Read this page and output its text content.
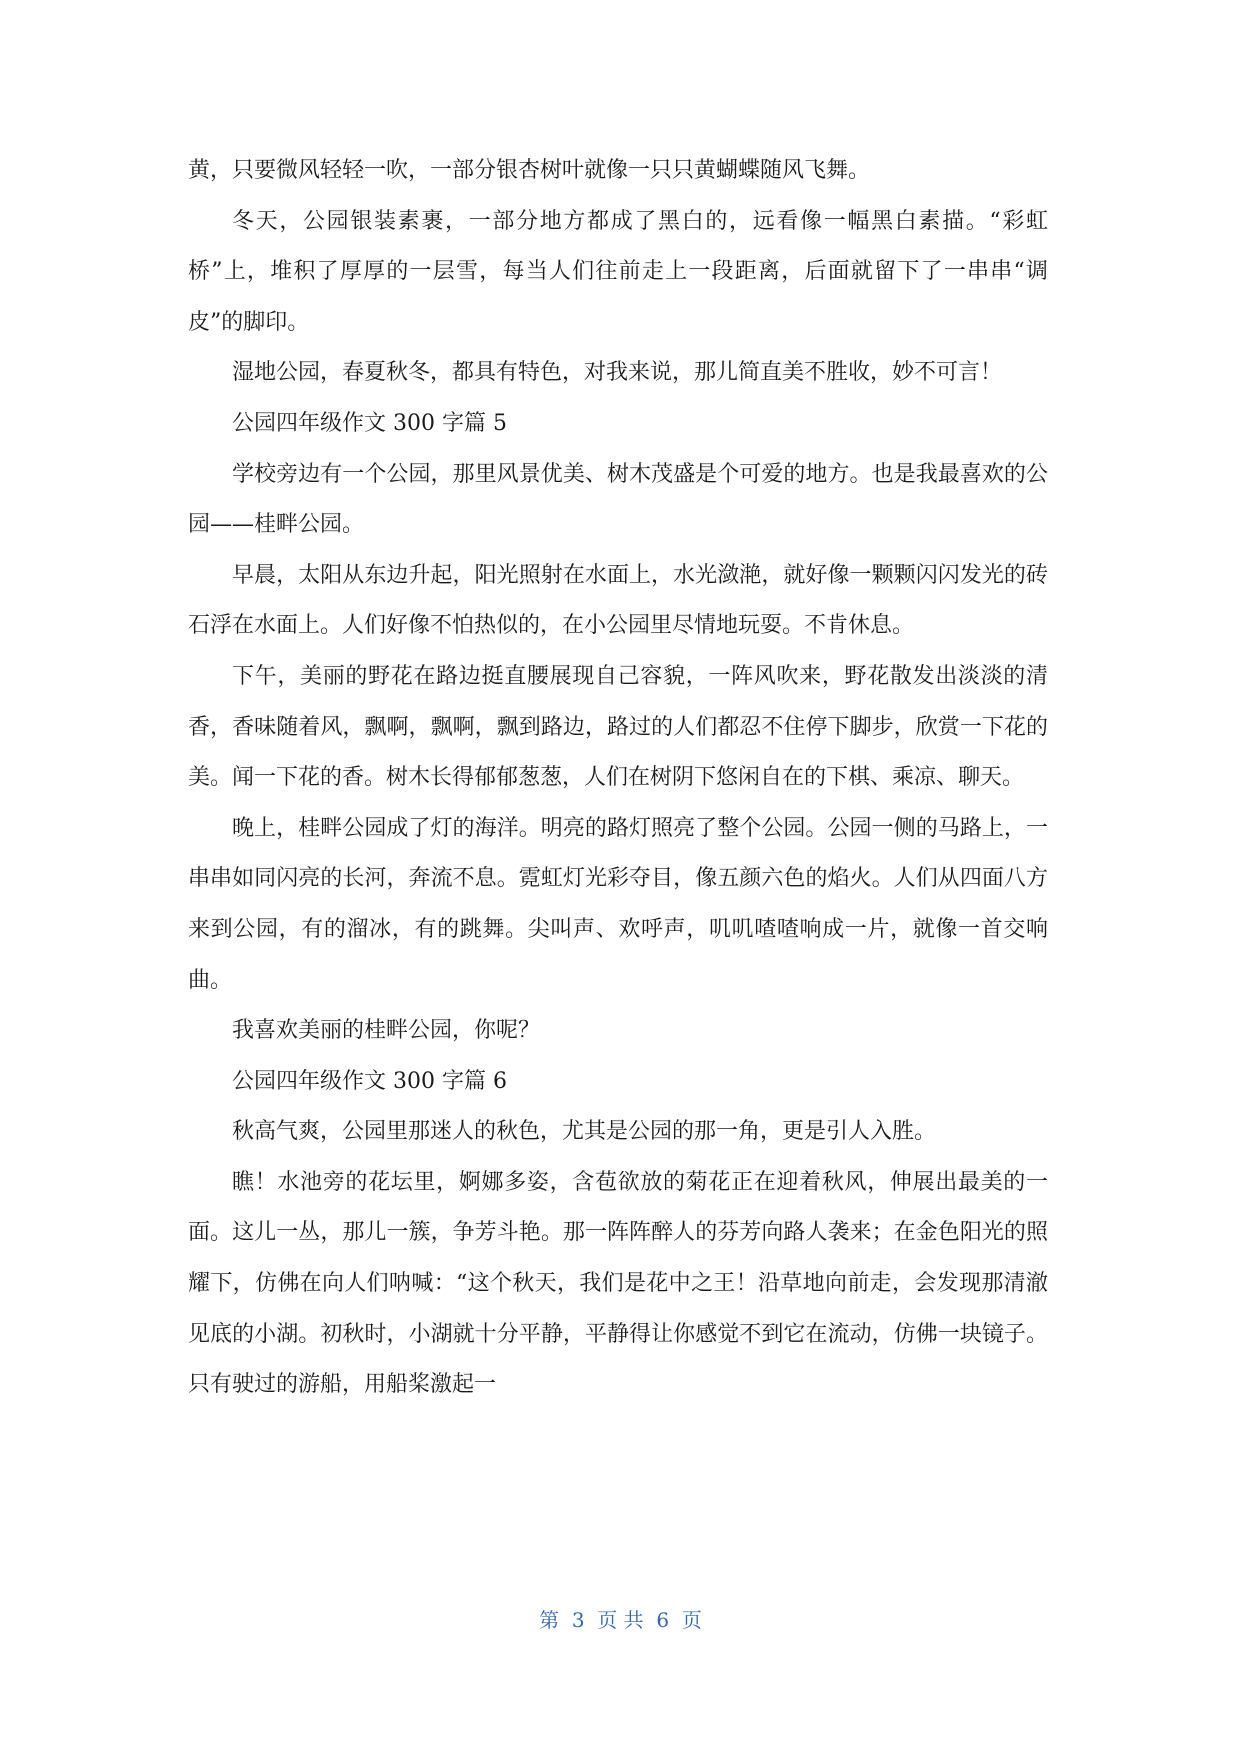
黄，只要微风轻轻一吹，一部分银杏树叶就像一只只黄蝴蝶随风飞舞。

冬天，公园银装素裹，一部分地方都成了黑白的，远看像一幅黑白素描。“彩虹桥”上，堆积了厚厚的一层雪，每当人们往前走上一段距离，后面就留下了一串串“调皮”的脚印。

湿地公园，春夏秋冬，都具有特色，对我来说，那儿简直美不胜收，妙不可言！

公园四年级作文 300 字篇 5

学校旁边有一个公园，那里风景优美、树木茂盛是个可爱的地方。也是我最喜欢的公园——桂畔公园。

早晨，太阳从东边升起，阳光照射在水面上，水光潋滟，就好像一颗颗闪闪发光的砖石浮在水面上。人们好像不怕热似的，在小公园里尽情地玩耍。不肯休息。

下午，美丽的野花在路边挺直腰展现自己容貌，一阵风吹来，野花散发出淡淡的清香，香味随着风，飘啊，飘啊，飘到路边，路过的人们都忍不住停下脚步，欣赏一下花的美。闻一下花的香。树木长得郁郁葱葱，人们在树阴下悠闲自在的下棋、乘凉、聊天。

晚上，桂畔公园成了灯的海洋。明亮的路灯照亮了整个公园。公园一侧的马路上，一串串如同闪亮的长河，奔流不息。霓虹灯光彩夺目，像五颜六色的焰火。人们从四面八方来到公园，有的溜冰，有的跳舞。尖叫声、欢呼声，叽叽喳喳响成一片，就像一首交响曲。

我喜欢美丽的桂畔公园，你呢？

公园四年级作文 300 字篇 6

秋高气爽，公园里那迷人的秋色，尤其是公园的那一角，更是引人入胜。

瞧！水池旁的花坛里，婀娜多姿，含苞欲放的菊花正在迎着秋风，伸展出最美的一面。这儿一丛，那儿一簇，争芳斗艳。那一阵阵醉人的芬芳向路人袭来；在金色阳光的照耀下，仿佛在向人们呐喊：“这个秋天，我们是花中之王！沿草地向前走，会发现那清澈见底的小湖。初秋时，小湖就十分平静，平静得让你感觉不到它在流动，仿佛一块镜子。只有驶过的游船，用船桨激起一

第  3  页 共  6  页
